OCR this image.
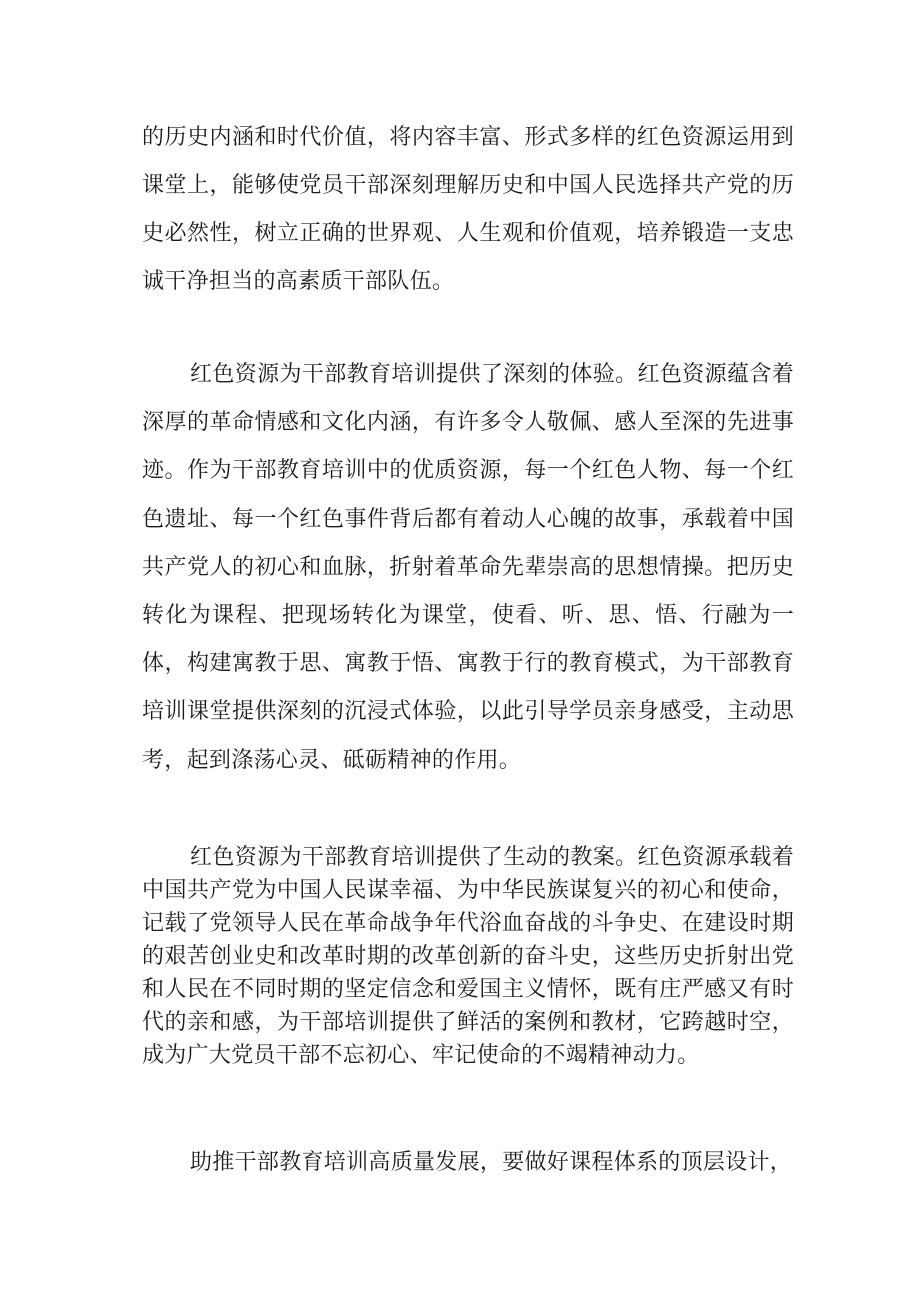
的历史内涵和时代价值，将内容丰富、形式多样的红色资源运用到课堂上，能够使党员干部深刻理解历史和中国人民选择共产党的历史必然性，树立正确的世界观、人生观和价值观，培养锻造一支忠诚干净担当的高素质干部队伍。

红色资源为干部教育培训提供了深刻的体验。红色资源蕴含着深厚的革命情感和文化内涵，有许多令人敬佩、感人至深的先进事迹。作为干部教育培训中的优质资源，每一个红色人物、每一个红色遗址、每一个红色事件背后都有着动人心魄的故事，承载着中国共产党人的初心和血脉，折射着革命先辈崇高的思想情操。把历史转化为课程、把现场转化为课堂，使看、听、思、悟、行融为一体，构建寓教于思、寓教于悟、寓教于行的教育模式，为干部教育培训课堂提供深刻的沉浸式体验，以此引导学员亲身感受，主动思考，起到涤荡心灵、砥砺精神的作用。

红色资源为干部教育培训提供了生动的教案。红色资源承载着中国共产党为中国人民谋幸福、为中华民族谋复兴的初心和使命，记载了党领导人民在革命战争年代浴血奋战的斗争史、在建设时期的艰苦创业史和改革时期的改革创新的奋斗史，这些历史折射出党和人民在不同时期的坚定信念和爱国主义情怀，既有庄严感又有时代的亲和感，为干部培训提供了鲜活的案例和教材，它跨越时空，成为广大党员干部不忘初心、牢记使命的不竭精神动力。

助推干部教育培训高质量发展，要做好课程体系的顶层设计，
